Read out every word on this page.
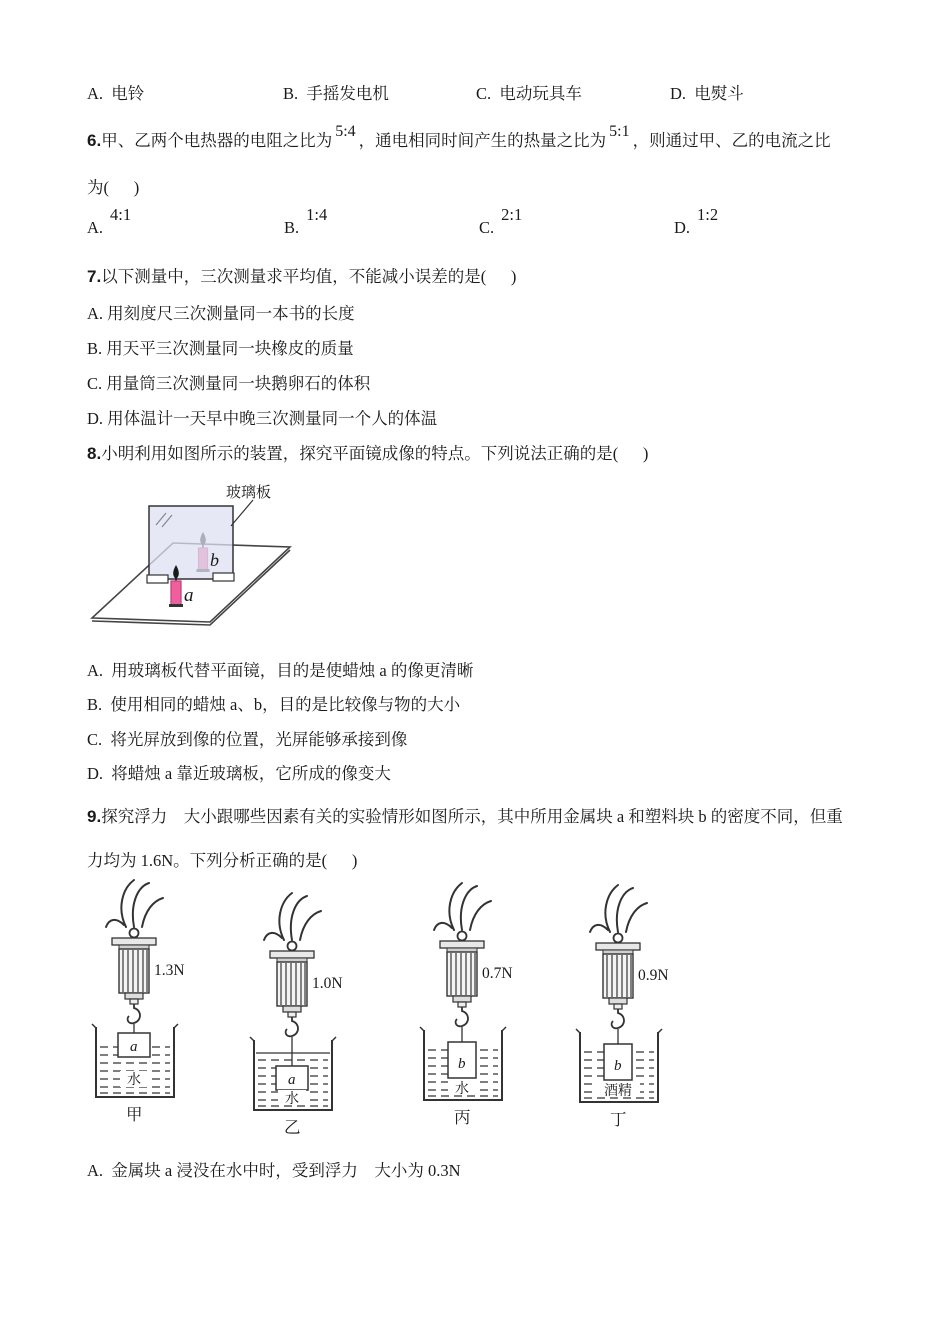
A. 电铃	B. 手摇发电机	C. 电动玩具车	D. 电熨斗
6.甲、乙两个电热器的电阻之比为 5:4 ，通电相同时间产生的热量之比为 5:1 ，则通过甲、乙的电流之比
为(      )
A.4:1
B.1:4
C.2:1
D.1:2
7.以下测量中，三次测量求平均值，不能减小误差的是(      )
A. 用刻度尺三次测量同一本书的长度
B. 用天平三次测量同一块橡皮的质量
C. 用量筒三次测量同一块鹅卵石的体积
D. 用体温计一天早中晚三次测量同一个人的体温
8.小明利用如图所示的装置，探究平面镜成像的特点。下列说法正确的是(      )
b
a
玻璃板
A.  用玻璃板代替平面镜，目的是使蜡烛 a 的像更清晰
B.  使用相同的蜡烛 a、b，目的是比较像与物的大小
C.  将光屏放到像的位置，光屏能够承接到像
D.  将蜡烛 a 靠近玻璃板，它所成的像变大
9.探究浮力　大小跟哪些因素有关的实验情形如图所示，其中所用金属块 a 和塑料块 b 的密度不同，但重
力均为 1.6N。下列分析正确的是(      )
1.3N
a
水
甲
1.0N
a
水
乙
0.7N
b
水
丙
0.9N
b
酒精
丁
A.  金属块 a 浸没在水中时，受到浮力　大小为 0.3N
